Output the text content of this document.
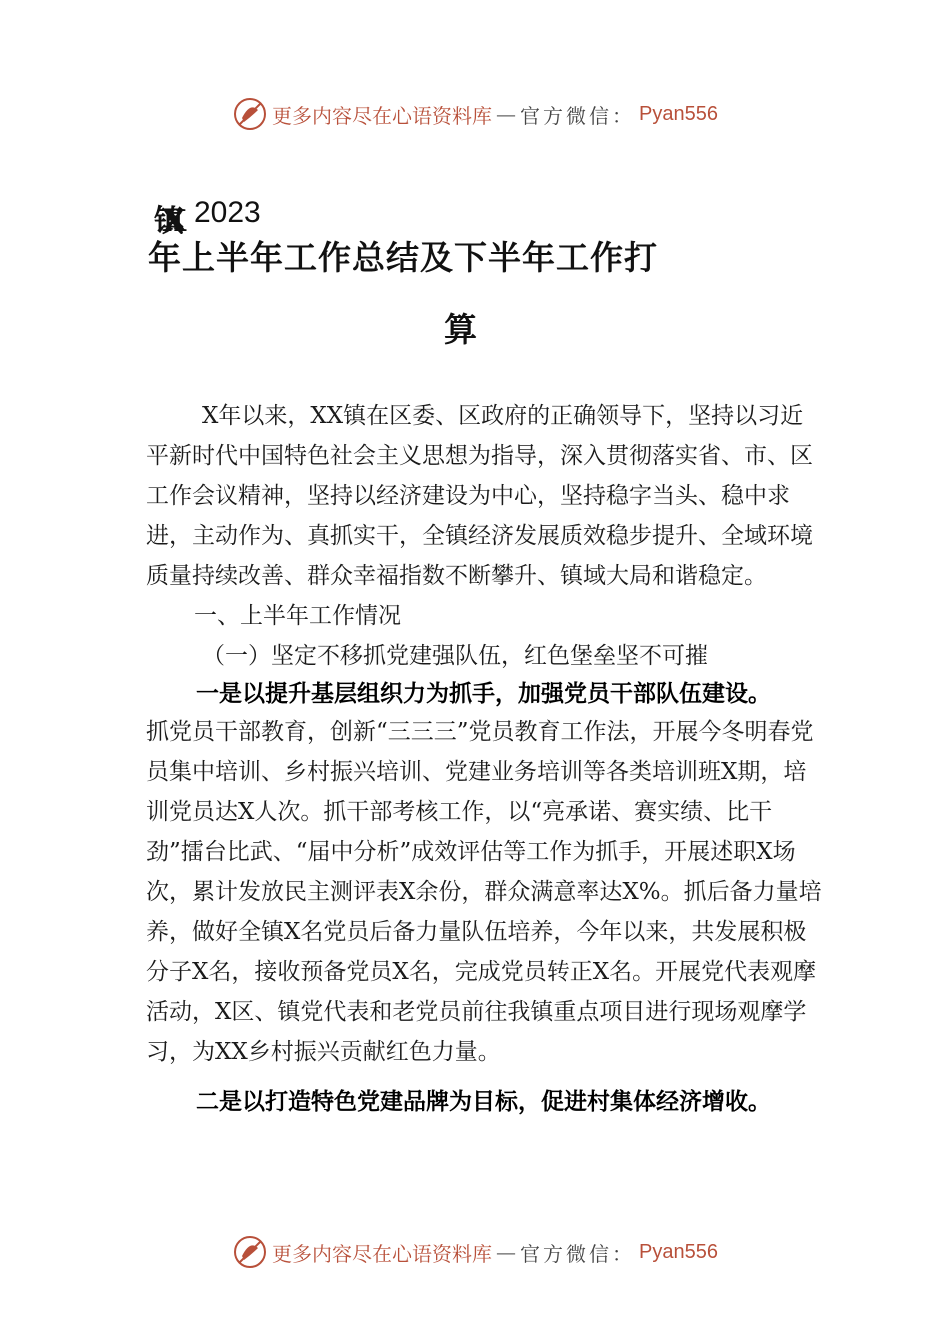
更多内容尽在心语资料库 — 官方微信： Pyan556
镇XX 2023
年上半年工作总结及下半年工作打
算

X年以来，XX镇在区委、区政府的正确领导下，坚持以习近平新时代中国特色社会主义思想为指导，深入贯彻落实省、市、区工作会议精神，坚持以经济建设为中心，坚持稳字当头、稳中求进，主动作为、真抓实干，全镇经济发展质效稳步提升、全域环境质量持续改善、群众幸福指数不断攀升、镇域大局和谐稳定。

一、上半年工作情况

（一）坚定不移抓党建强队伍，红色堡垒坚不可摧

一是以提升基层组织力为抓手，加强党员干部队伍建设。

抓党员干部教育，创新“三三三”党员教育工作法，开展今冬明春党员集中培训、乡村振兴培训、党建业务培训等各类培训班X期，培训党员达X人次。抓干部考核工作，以“亮承诺、赛实绩、比干劲”擂台比武、“届中分析”成效评估等工作为抓手，开展述职X场次，累计发放民主测评表X余份，群众满意率达X%。抓后备力量培养，做好全镇X名党员后备力量队伍培养，今年以来，共发展积极分子X名，接收预备党员X名，完成党员转正X名。开展党代表观摩活动，X区、镇党代表和老党员前往我镇重点项目进行现场观摩学习，为XX乡村振兴贡献红色力量。

二是以打造特色党建品牌为目标，促进村集体经济增收。

更多内容尽在心语资料库 — 官方微信： Pyan556
